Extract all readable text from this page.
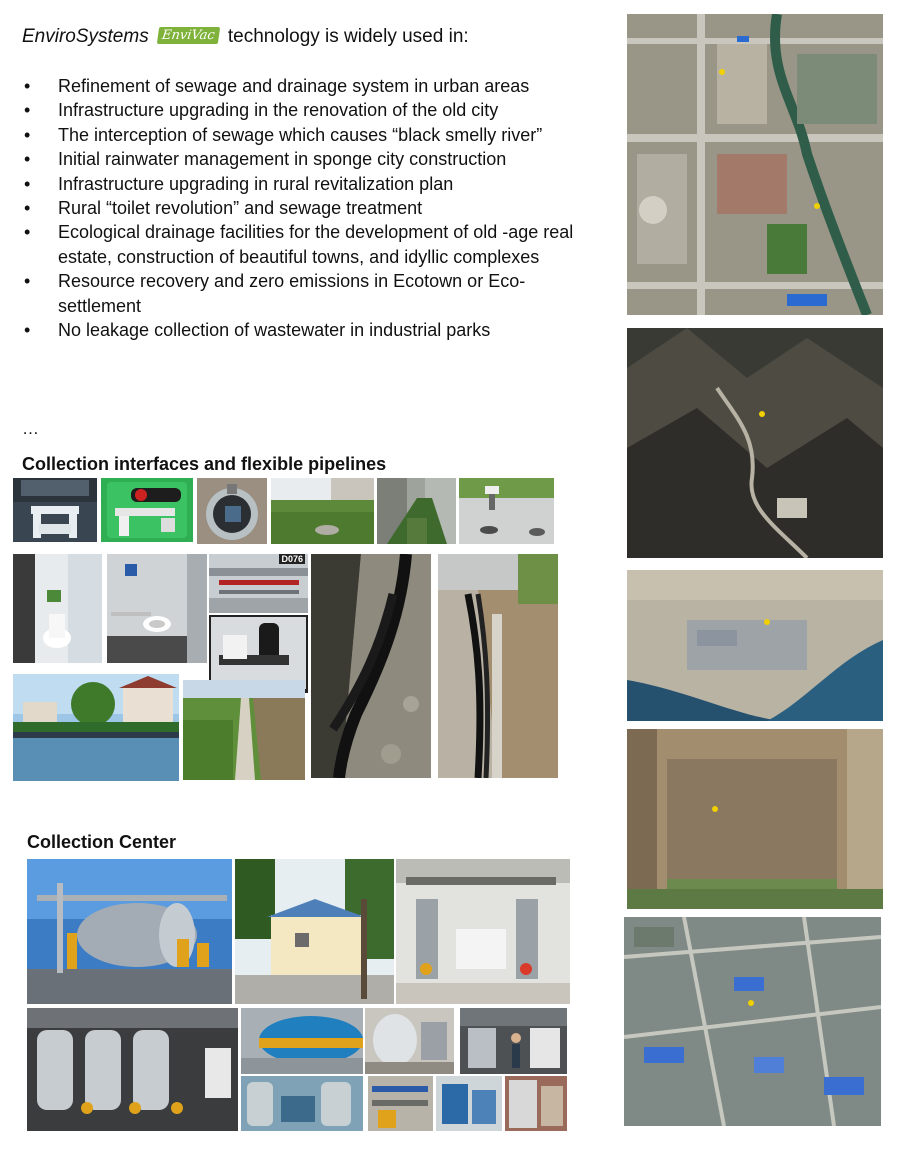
EnviroSystems EnviVac technology is widely used in:
• Refinement of sewage and drainage system in urban areas
• Infrastructure upgrading in the renovation of the old city
• The interception of sewage which causes “black smelly river”
• Initial rainwater management in sponge city construction
• Infrastructure upgrading in rural revitalization plan
• Rural “toilet revolution” and sewage treatment
• Ecological drainage facilities for the development of old -age real estate, construction of beautiful towns, and idyllic complexes
• Resource recovery and zero emissions in Ecotown or Eco-settlement
• No leakage collection of wastewater in industrial parks
…
Collection interfaces and flexible pipelines
Collection Center
D076
